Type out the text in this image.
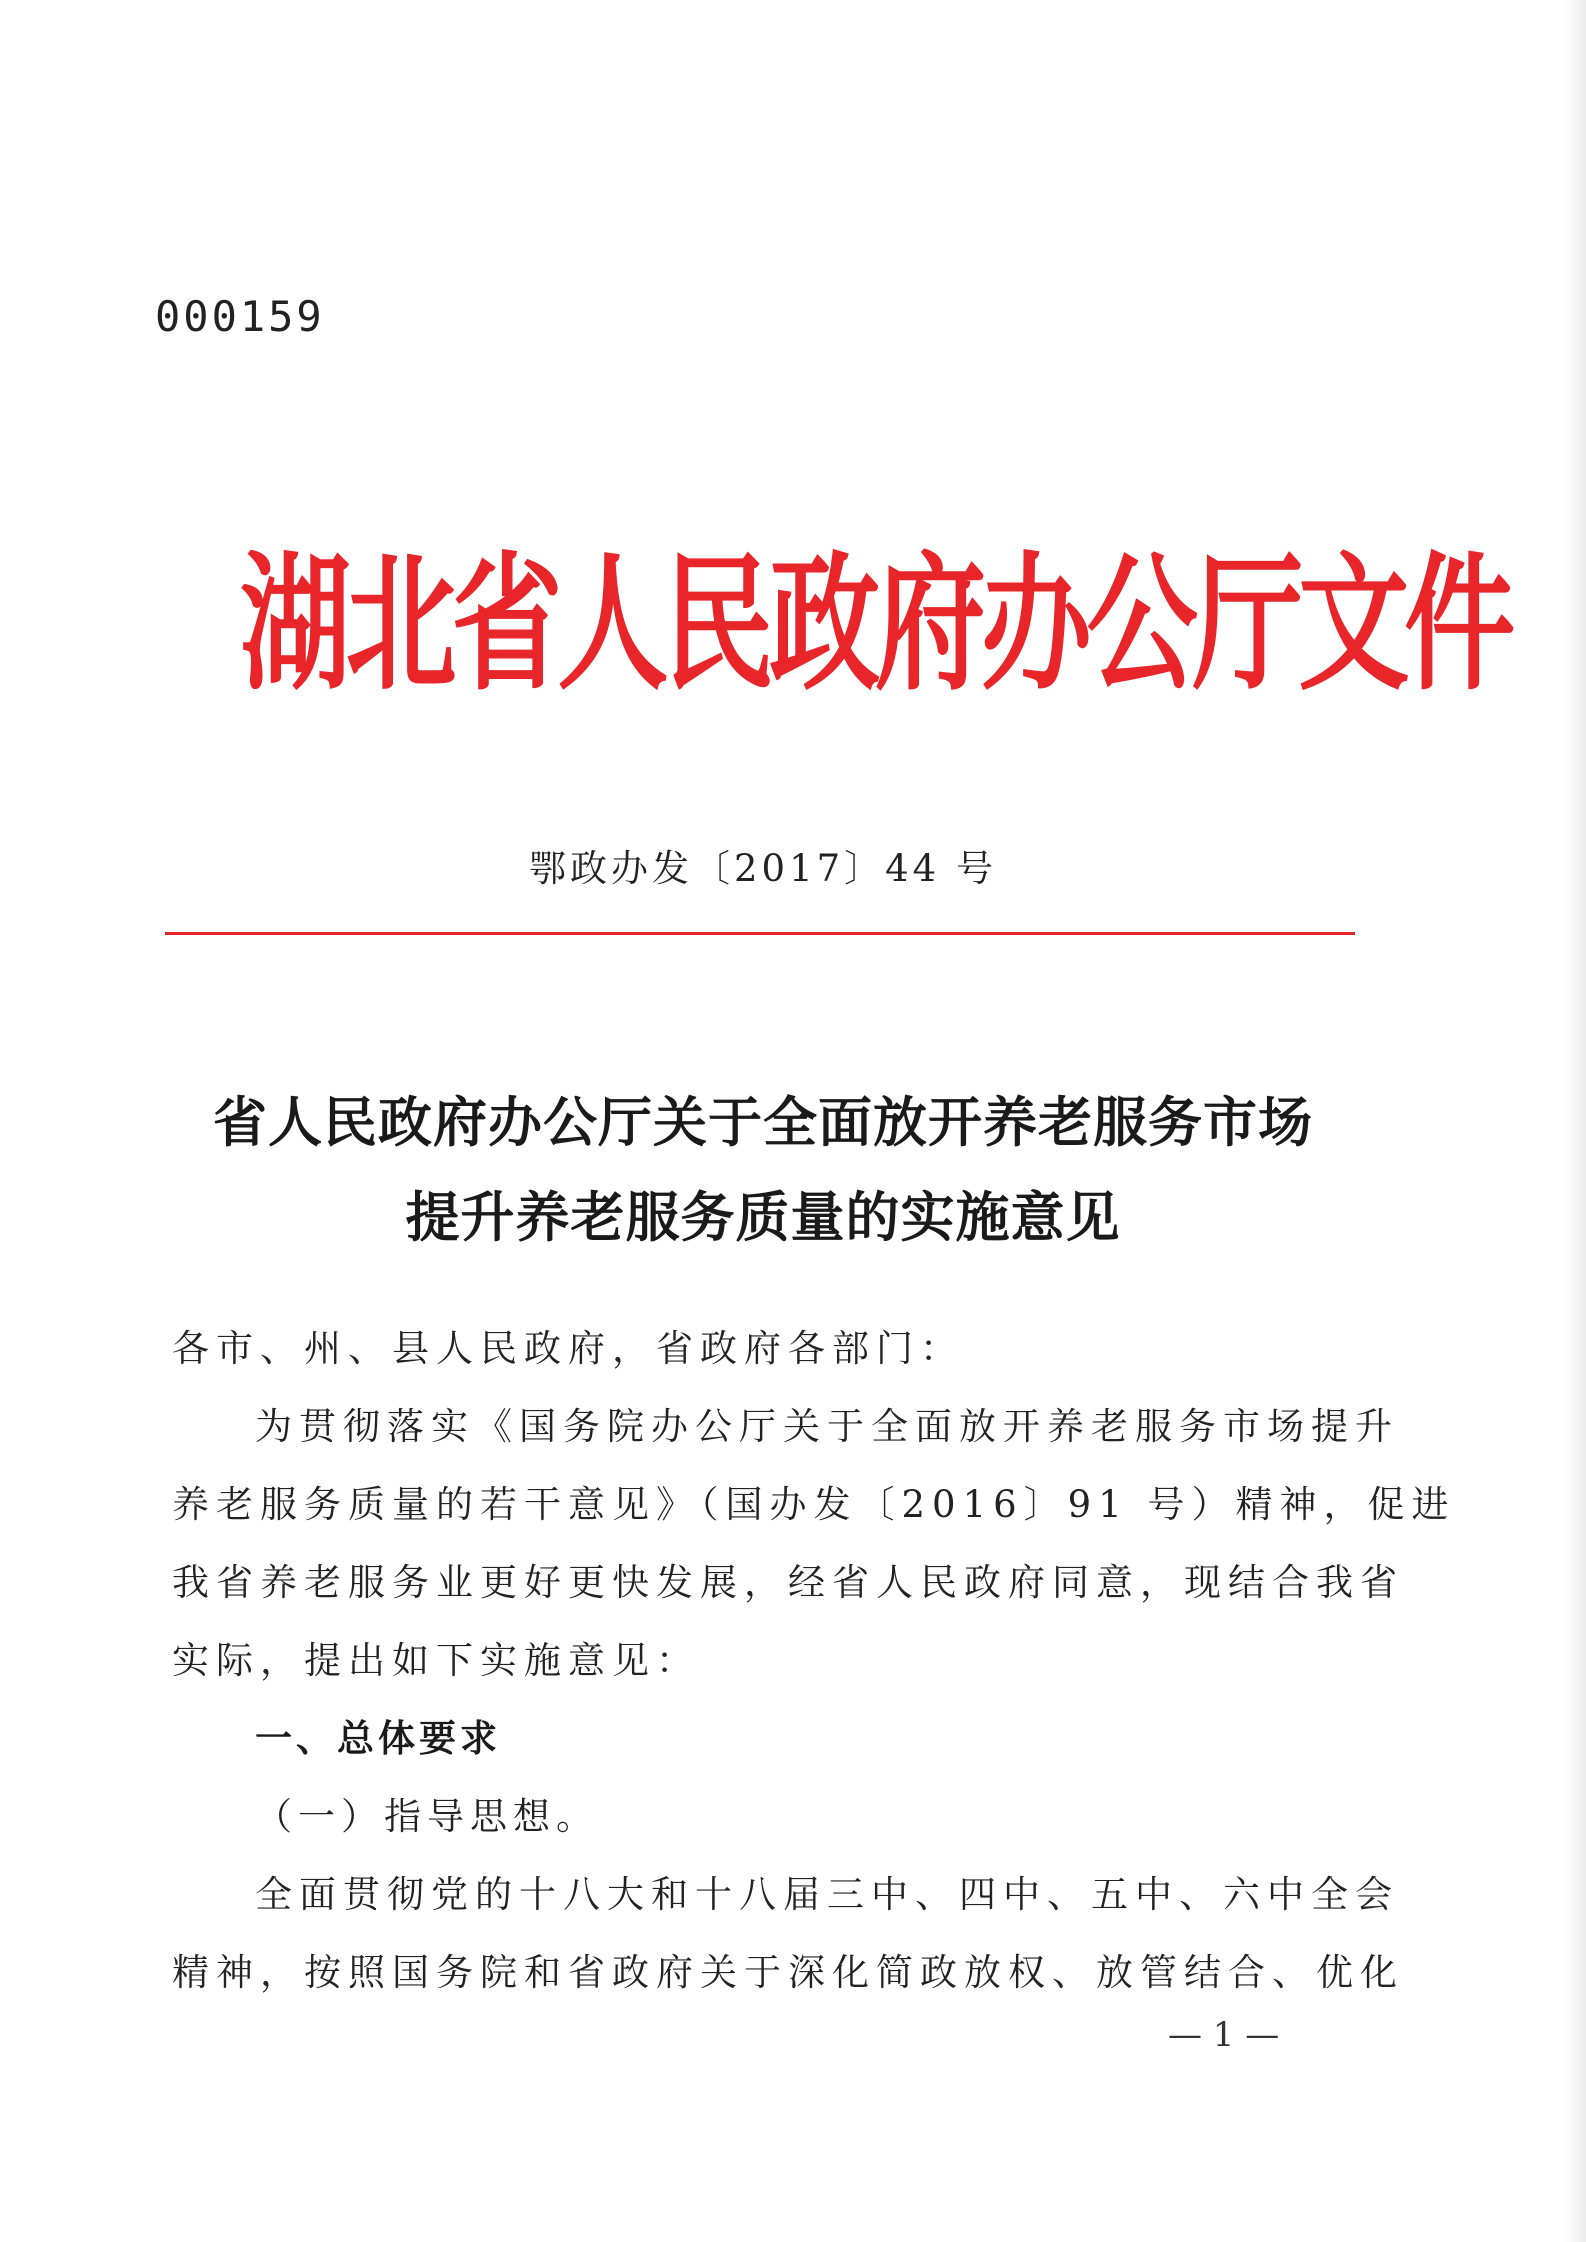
000159
湖北省人民政府办公厅文件
鄂政办发〔2017〕44 号
省人民政府办公厅关于全面放开养老服务市场
提升养老服务质量的实施意见
各市、州、县人民政府，省政府各部门：
为贯彻落实《国务院办公厅关于全面放开养老服务市场提升
养老服务质量的若干意见》（国办发〔2016〕91 号）精神，促进
我省养老服务业更好更快发展，经省人民政府同意，现结合我省
实际，提出如下实施意见：
一、总体要求
（一）指导思想。
全面贯彻党的十八大和十八届三中、四中、五中、六中全会
精神，按照国务院和省政府关于深化简政放权、放管结合、优化
— 1 —
